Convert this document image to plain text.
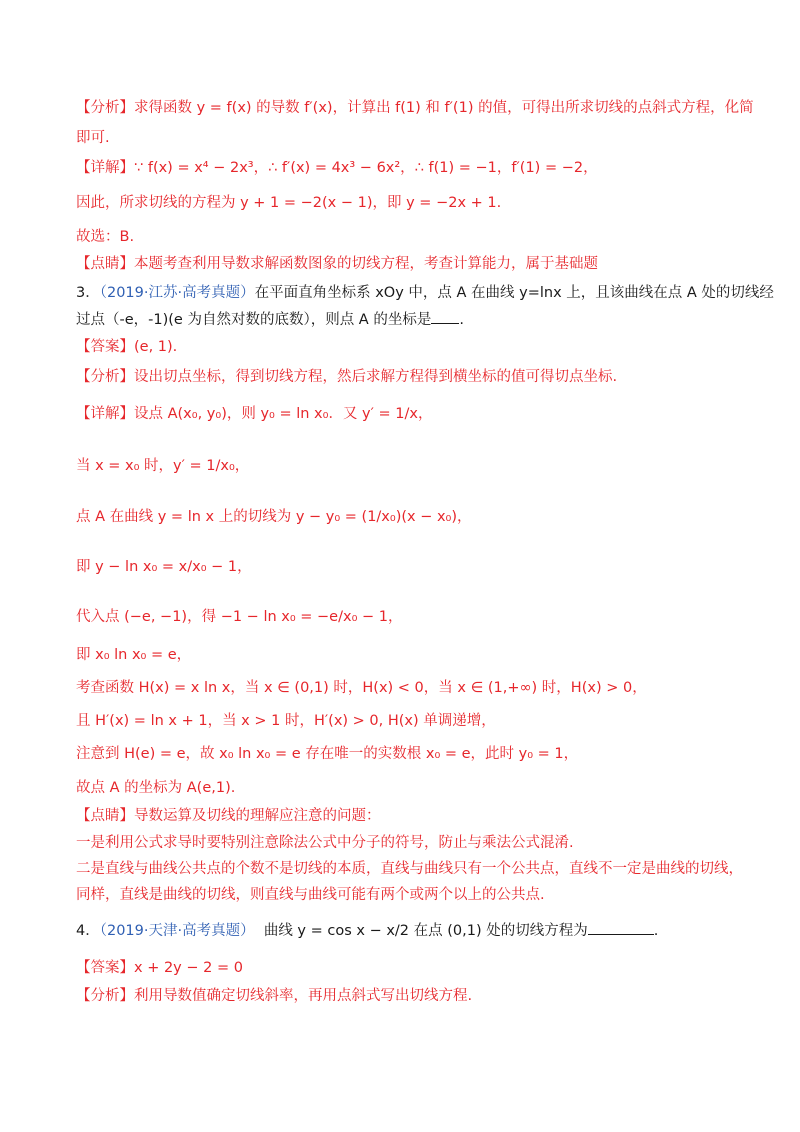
【分析】求得函数 y = f(x) 的导数 f′(x)，计算出 f(1) 和 f′(1) 的值，可得出所求切线的点斜式方程，化简
即可.
【详解】∵ f(x) = x⁴ − 2x³，∴ f′(x) = 4x³ − 6x²，∴ f(1) = −1，f′(1) = −2，
因此，所求切线的方程为 y + 1 = −2(x − 1)，即 y = −2x + 1.
故选：B.
【点睛】本题考查利用导数求解函数图象的切线方程，考查计算能力，属于基础题
3．（2019·江苏·高考真题）在平面直角坐标系 xOy 中，点 A 在曲线 y=lnx 上，且该曲线在点 A 处的切线经
过点（-e，-1)(e 为自然对数的底数），则点 A 的坐标是 .
【答案】(e, 1).
【分析】设出切点坐标，得到切线方程，然后求解方程得到横坐标的值可得切点坐标.
【详解】设点 A(x₀, y₀)，则 y₀ = ln x₀．又 y′ = 1/x，
当 x = x₀ 时，y′ = 1/x₀，
点 A 在曲线 y = ln x 上的切线为 y − y₀ = (1/x₀)(x − x₀)，
即 y − ln x₀ = x/x₀ − 1，
代入点 (−e, −1)，得 −1 − ln x₀ = −e/x₀ − 1，
即 x₀ ln x₀ = e，
考查函数 H(x) = x ln x，当 x ∈ (0,1) 时，H(x) < 0，当 x ∈ (1,+∞) 时，H(x) > 0，
且 H′(x) = ln x + 1，当 x > 1 时，H′(x) > 0, H(x) 单调递增，
注意到 H(e) = e，故 x₀ ln x₀ = e 存在唯一的实数根 x₀ = e，此时 y₀ = 1，
故点 A 的坐标为 A(e,1).
【点睛】导数运算及切线的理解应注意的问题：
一是利用公式求导时要特别注意除法公式中分子的符号，防止与乘法公式混淆.
二是直线与曲线公共点的个数不是切线的本质，直线与曲线只有一个公共点，直线不一定是曲线的切线，
同样，直线是曲线的切线，则直线与曲线可能有两个或两个以上的公共点.
4．（2019·天津·高考真题） 曲线 y = cos x − x/2 在点 (0,1) 处的切线方程为	.
【答案】x + 2y − 2 = 0
【分析】利用导数值确定切线斜率，再用点斜式写出切线方程.
